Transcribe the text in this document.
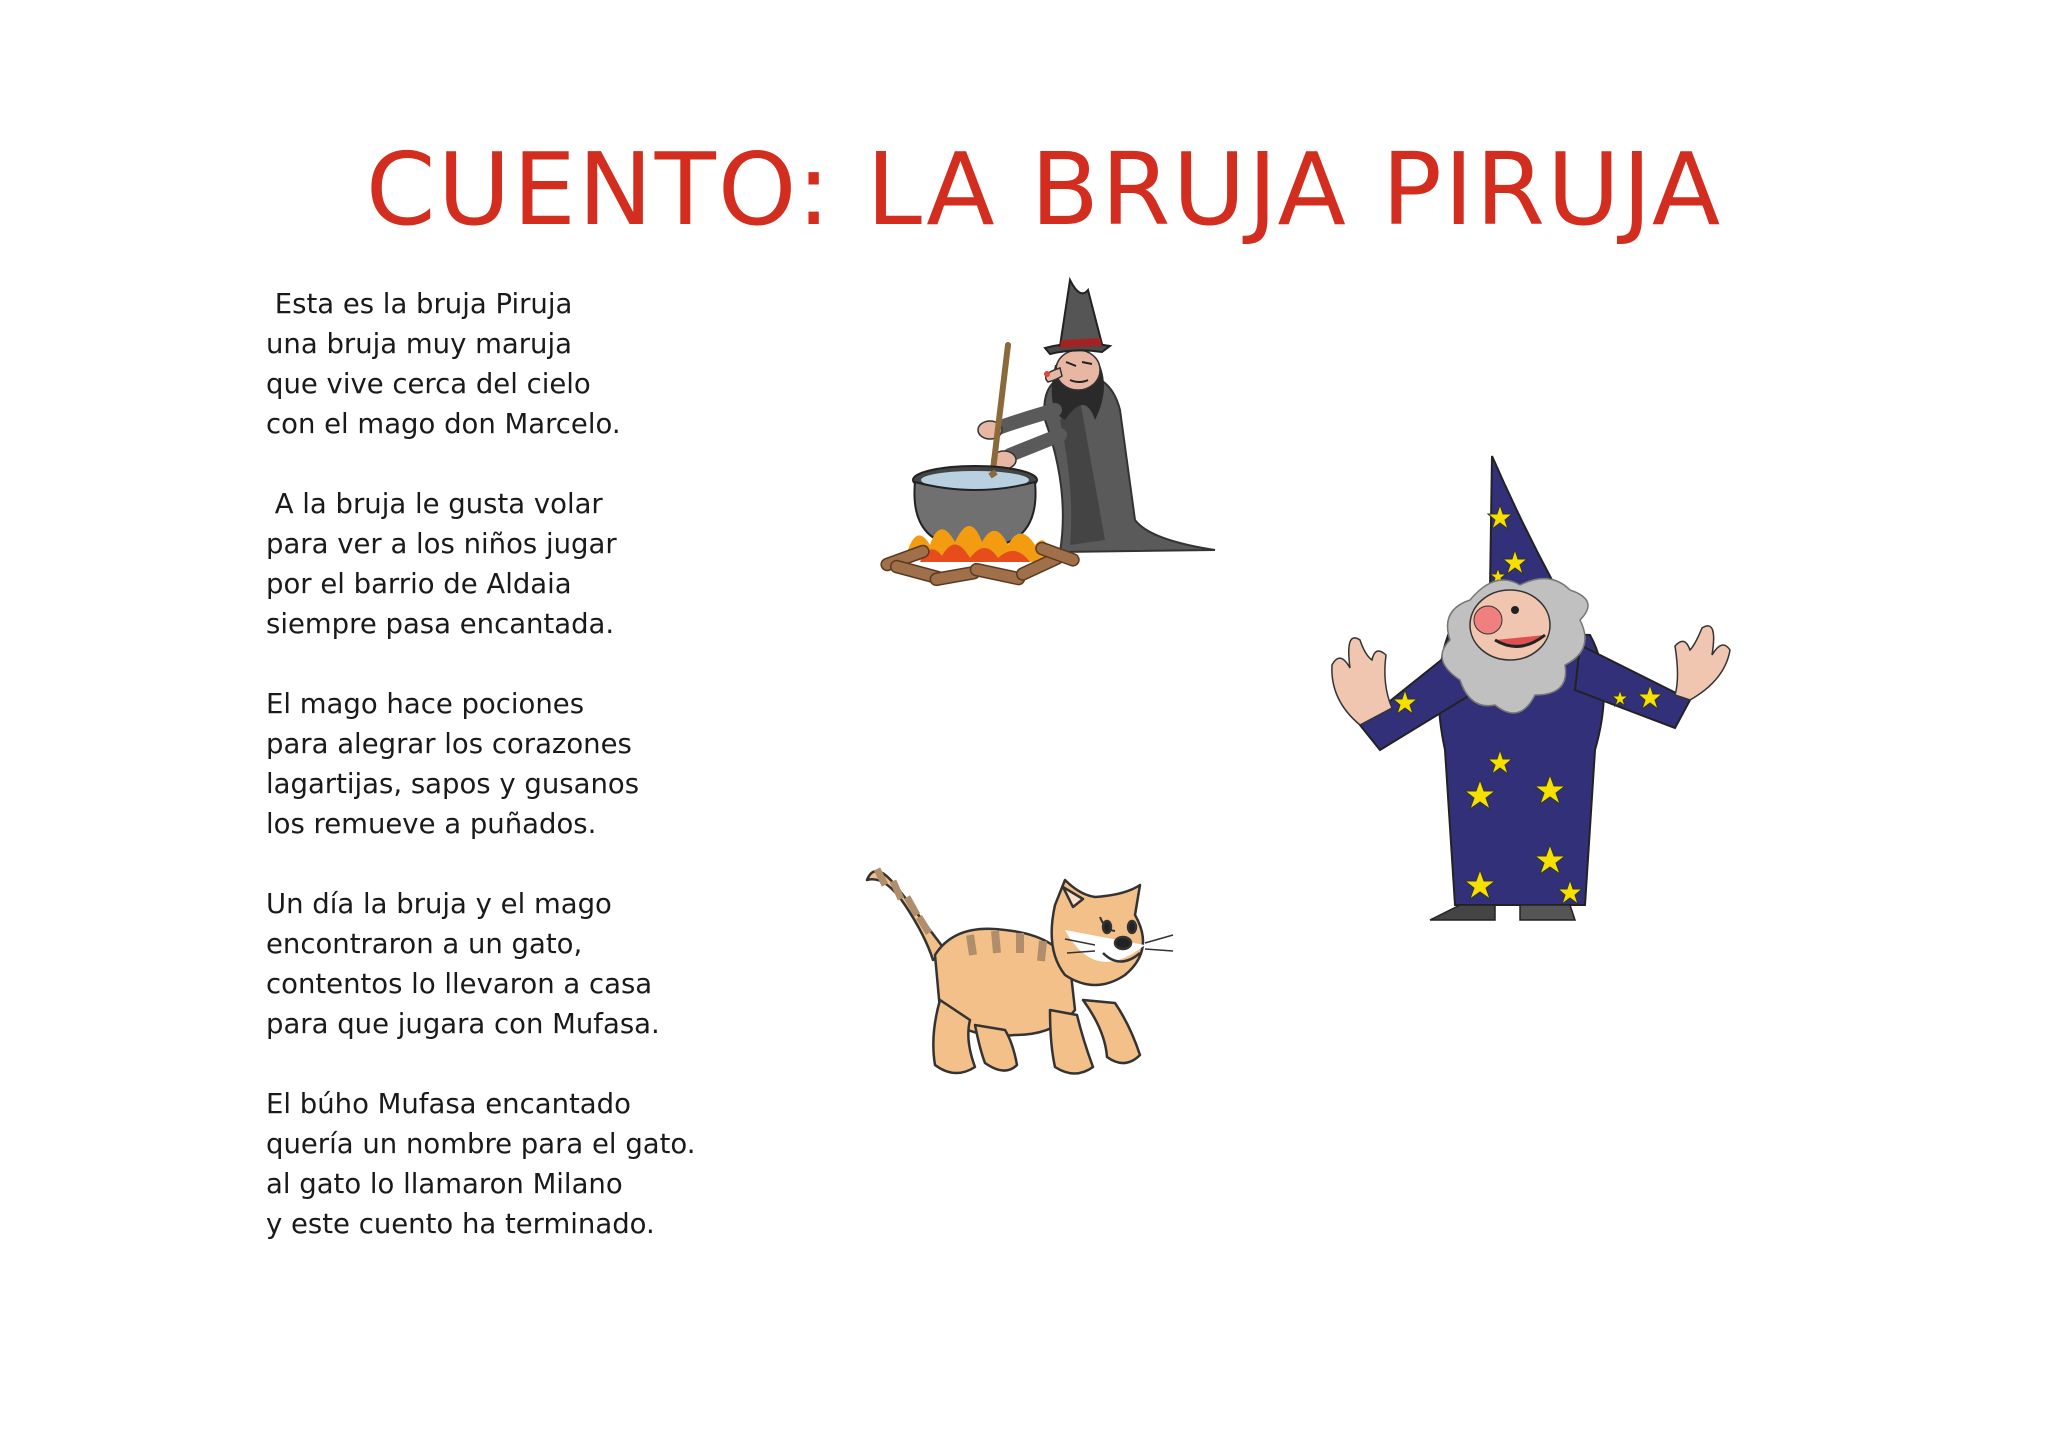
CUENTO: LA BRUJA PIRUJA

Esta es la bruja Piruja
una bruja muy maruja
que vive cerca del cielo
con el mago don Marcelo.

A la bruja le gusta volar
para ver a los niños jugar
por el barrio de Aldaia
siempre pasa encantada.

El mago hace pociones
para alegrar los corazones
lagartijas, sapos y gusanos
los remueve a puñados.

Un día la bruja y el mago
encontraron a un gato,
contentos lo llevaron a casa
para que jugara con Mufasa.

El búho Mufasa encantado
quería un nombre para el gato.
al gato lo llamaron Milano
y este cuento ha terminado.
